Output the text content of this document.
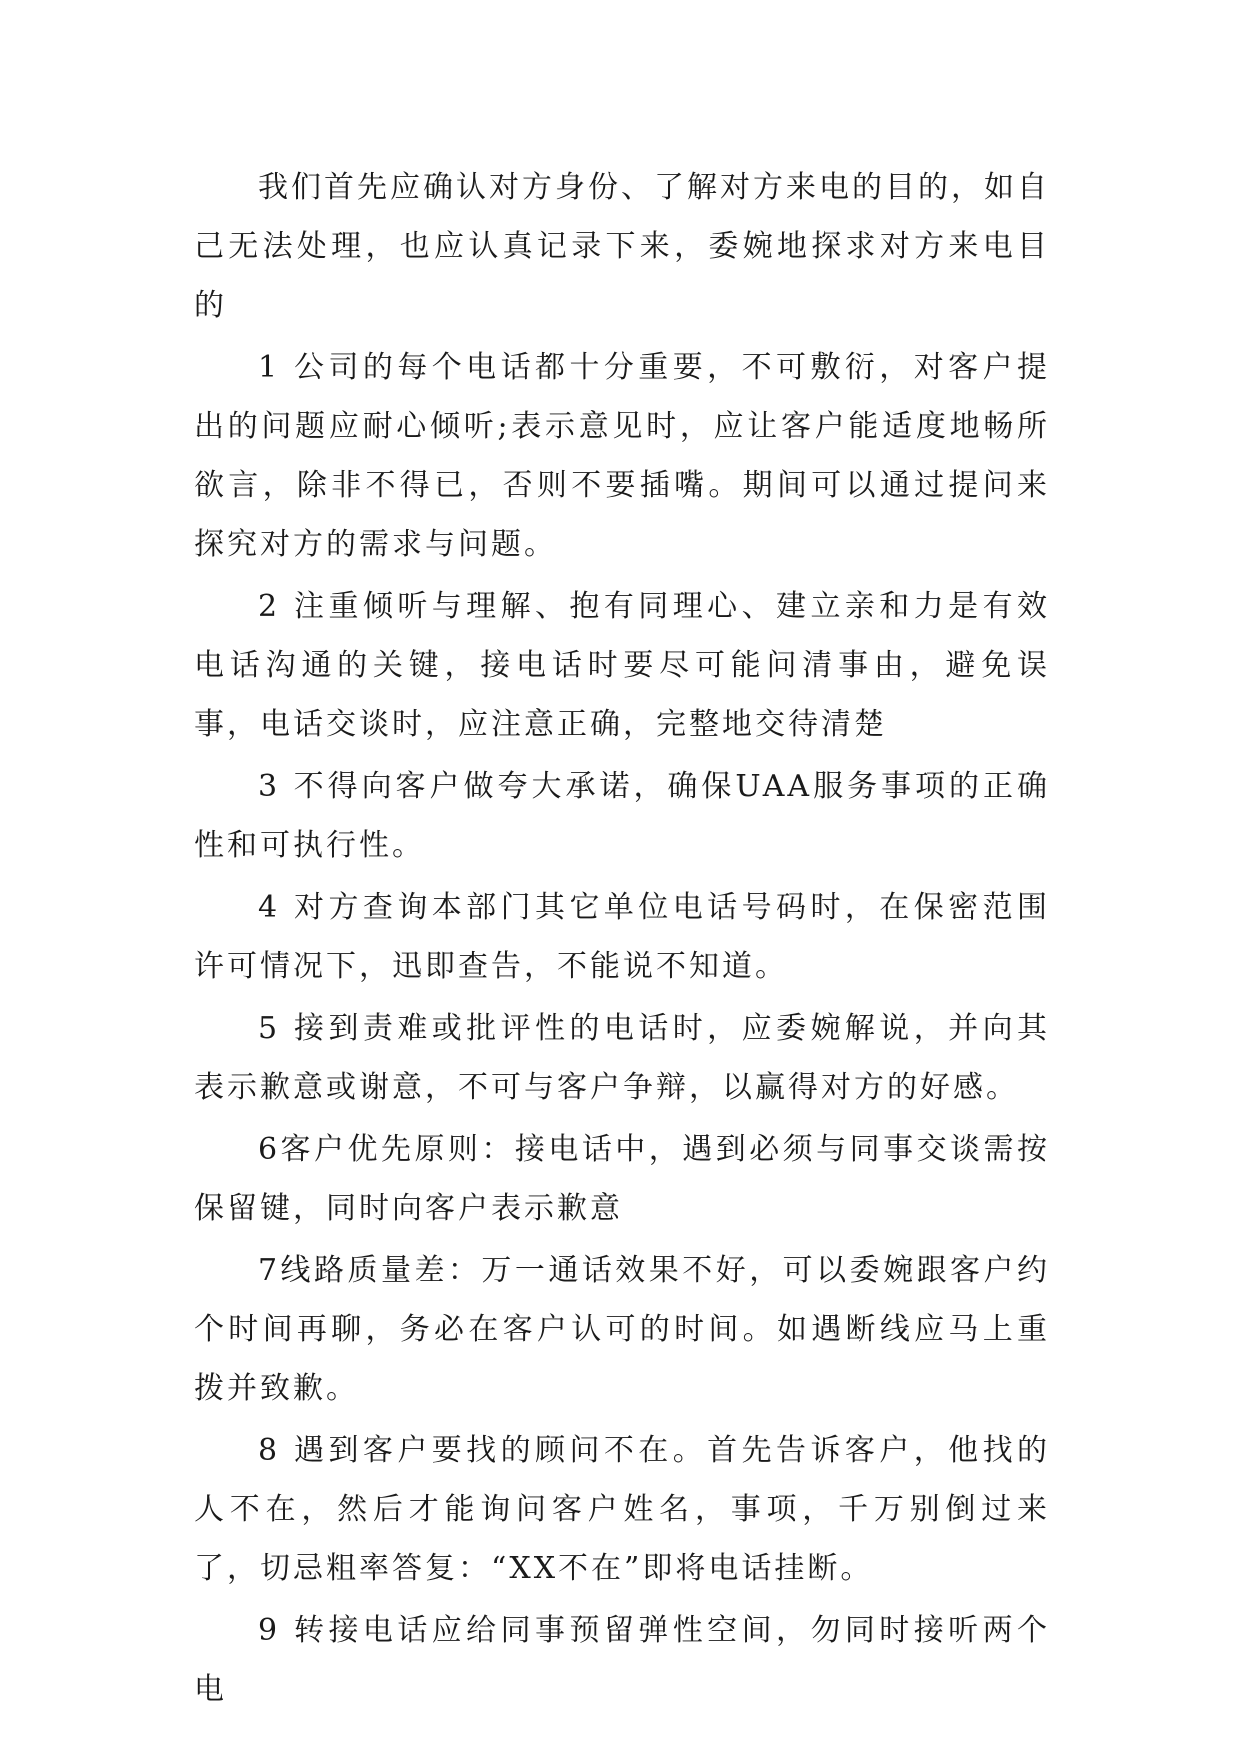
我们首先应确认对方身份、了解对方来电的目的，如自己无法处理，也应认真记录下来，委婉地探求对方来电目的

1 公司的每个电话都十分重要，不可敷衍，对客户提出的问题应耐心倾听;表示意见时，应让客户能适度地畅所欲言，除非不得已，否则不要插嘴。期间可以通过提问来探究对方的需求与问题。

2 注重倾听与理解、抱有同理心、建立亲和力是有效电话沟通的关键，接电话时要尽可能问清事由，避免误事，电话交谈时，应注意正确，完整地交待清楚

3 不得向客户做夸大承诺，确保UAA服务事项的正确性和可执行性。

4 对方查询本部门其它单位电话号码时，在保密范围许可情况下，迅即查告，不能说不知道。

5 接到责难或批评性的电话时，应委婉解说，并向其表示歉意或谢意，不可与客户争辩，以赢得对方的好感。

6客户优先原则：接电话中，遇到必须与同事交谈需按保留键，同时向客户表示歉意

7线路质量差：万一通话效果不好，可以委婉跟客户约个时间再聊，务必在客户认可的时间。如遇断线应马上重拨并致歉。

8 遇到客户要找的顾问不在。首先告诉客户，他找的人不在，然后才能询问客户姓名，事项，千万别倒过来了，切忌粗率答复：“XX不在”即将电话挂断。

9 转接电话应给同事预留弹性空间，勿同时接听两个电
